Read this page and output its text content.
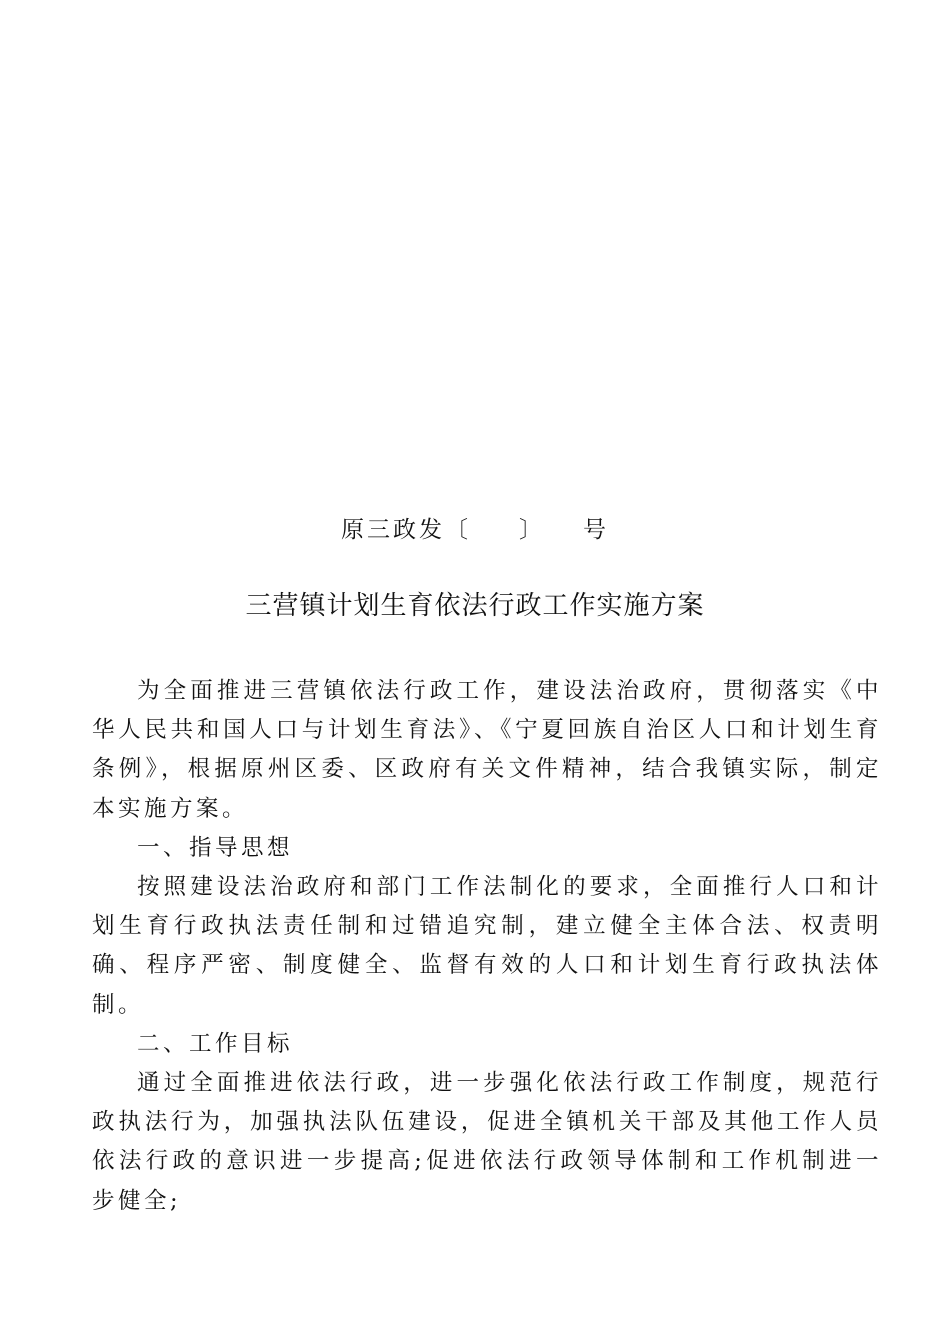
原三政发〔 〕 号
三营镇计划生育依法行政工作实施方案

为全面推进三营镇依法行政工作，建设法治政府，贯彻落实《中华人民共和国人口与计划生育法》、《宁夏回族自治区人口和计划生育条例》，根据原州区委、区政府有关文件精神，结合我镇实际，制定本实施方案。

一、指导思想

按照建设法治政府和部门工作法制化的要求，全面推行人口和计划生育行政执法责任制和过错追究制，建立健全主体合法、权责明确、程序严密、制度健全、监督有效的人口和计划生育行政执法体制。

二、工作目标

通过全面推进依法行政，进一步强化依法行政工作制度，规范行政执法行为，加强执法队伍建设，促进全镇机关干部及其他工作人员依法行政的意识进一步提高;促进依法行政领导体制和工作机制进一步健全;
